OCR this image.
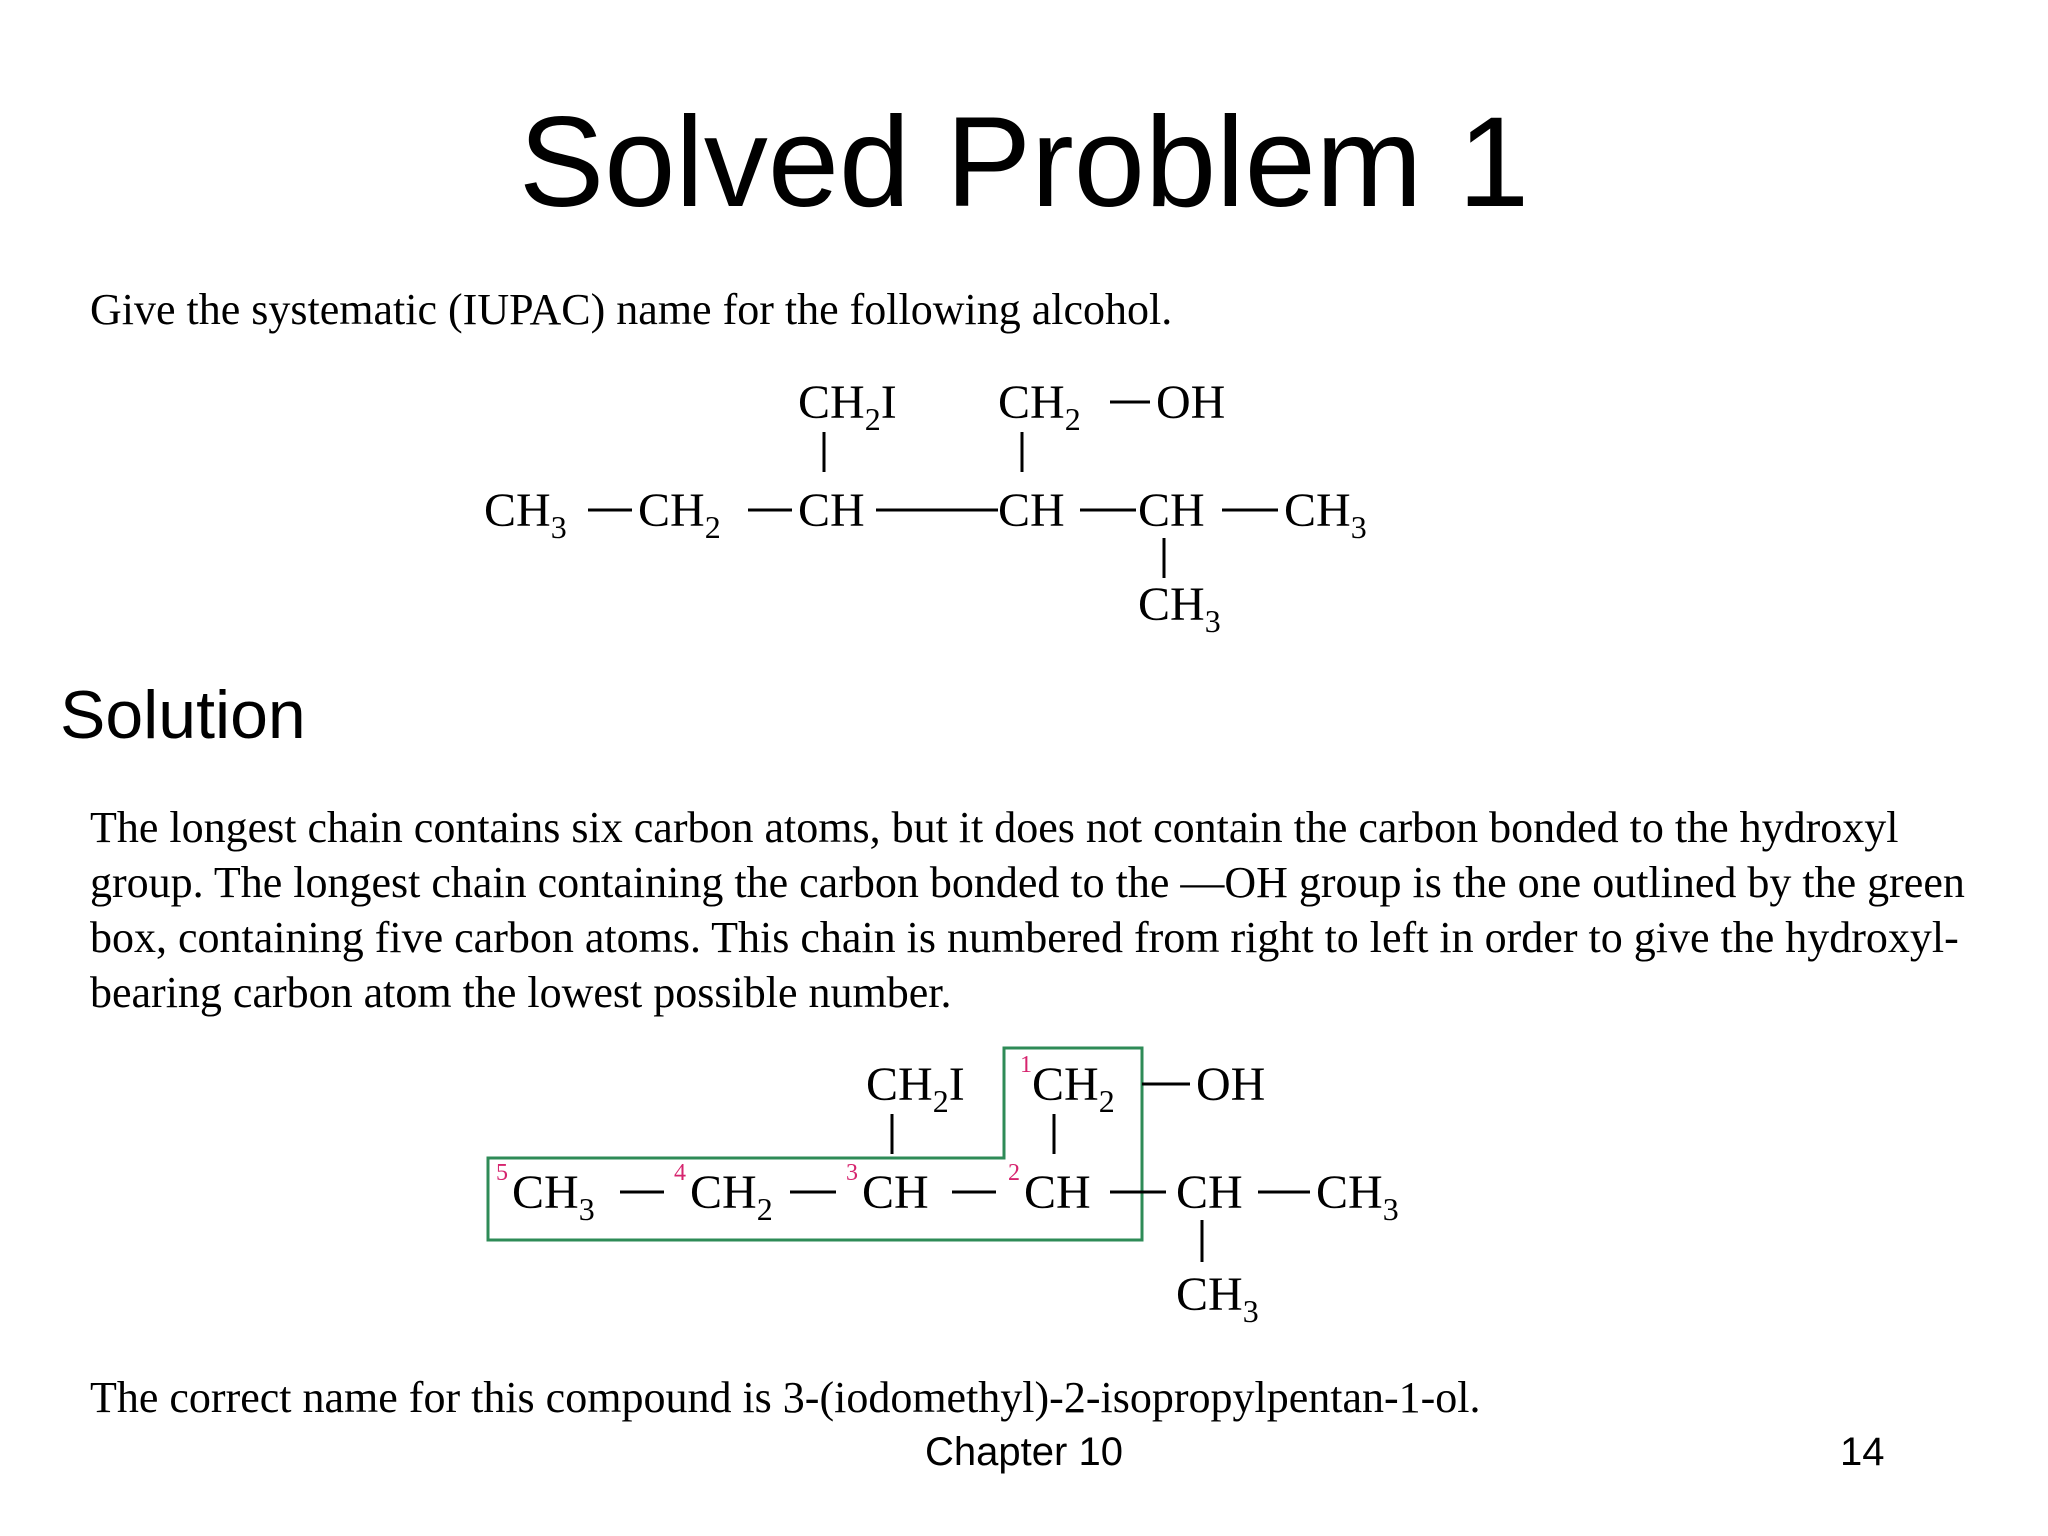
Solved Problem 1
Give the systematic (IUPAC) name for the following alcohol.
$CH_3$ $CH_2$ CH	CH CH $CH_3$
$CH_2I$ $CH_2$ OH
$CH_3$
Solution
The longest chain contains six carbon atoms, but it does not contain the carbon bonded to the hydroxyl group. The longest chain containing the carbon bonded to the —OH group is the one outlined by the green box, containing five carbon atoms. This chain is numbered from right to left in order to give the hydroxyl-bearing carbon atom the lowest possible number.
5 $CH_3$
4 $CH_2$
3 CH	2 CH CH $CH_3$
$CH_2I$ 1 $CH_2$ OH
$CH_3$
The correct name for this compound is 3-(iodomethyl)-2-isopropylpentan-1-ol.
Chapter 10	14
